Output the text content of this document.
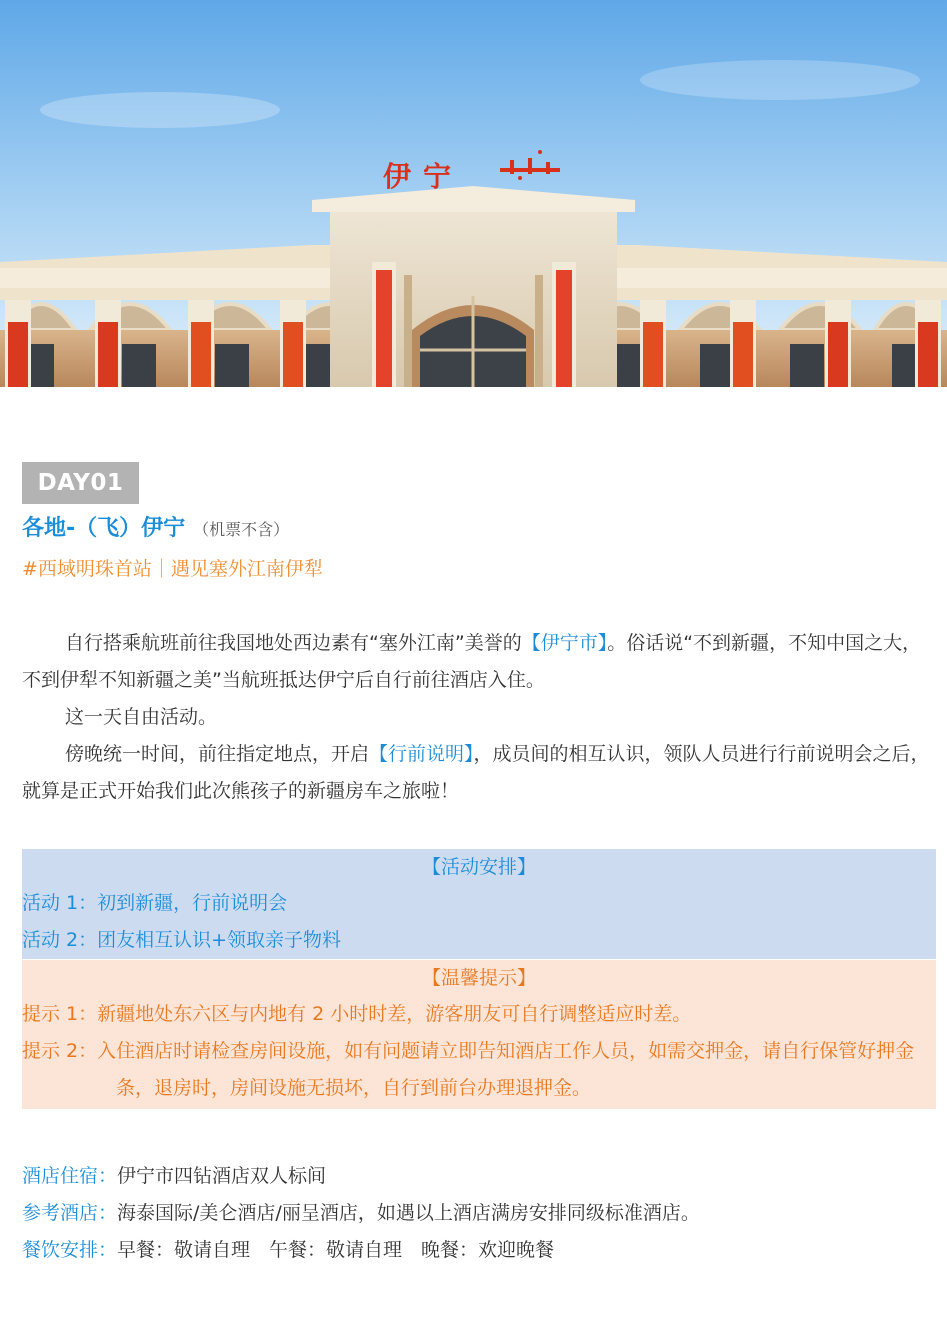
伊宁
DAY01
各地-（飞）伊宁 （机票不含）
#西域明珠首站｜遇见塞外江南伊犁
自行搭乘航班前往我国地处西边素有“塞外江南”美誉的【伊宁市】。俗话说“不到新疆，不知中国之大，不到伊犁不知新疆之美”当航班抵达伊宁后自行前往酒店入住。
这一天自由活动。
傍晚统一时间，前往指定地点，开启【行前说明】，成员间的相互认识，领队人员进行行前说明会之后，就算是正式开始我们此次熊孩子的新疆房车之旅啦！
【活动安排】
活动 1：初到新疆，行前说明会
活动 2：团友相互认识+领取亲子物料
【温馨提示】
提示 1：新疆地处东六区与内地有 2 小时时差，游客朋友可自行调整适应时差。
提示 2：入住酒店时请检查房间设施，如有问题请立即告知酒店工作人员，如需交押金，请自行保管好押金条，退房时，房间设施无损坏，自行到前台办理退押金。
酒店住宿：伊宁市四钻酒店双人标间
参考酒店：海泰国际/美仑酒店/丽呈酒店，如遇以上酒店满房安排同级标准酒店。
餐饮安排：早餐：敬请自理　午餐：敬请自理　晚餐：欢迎晚餐
